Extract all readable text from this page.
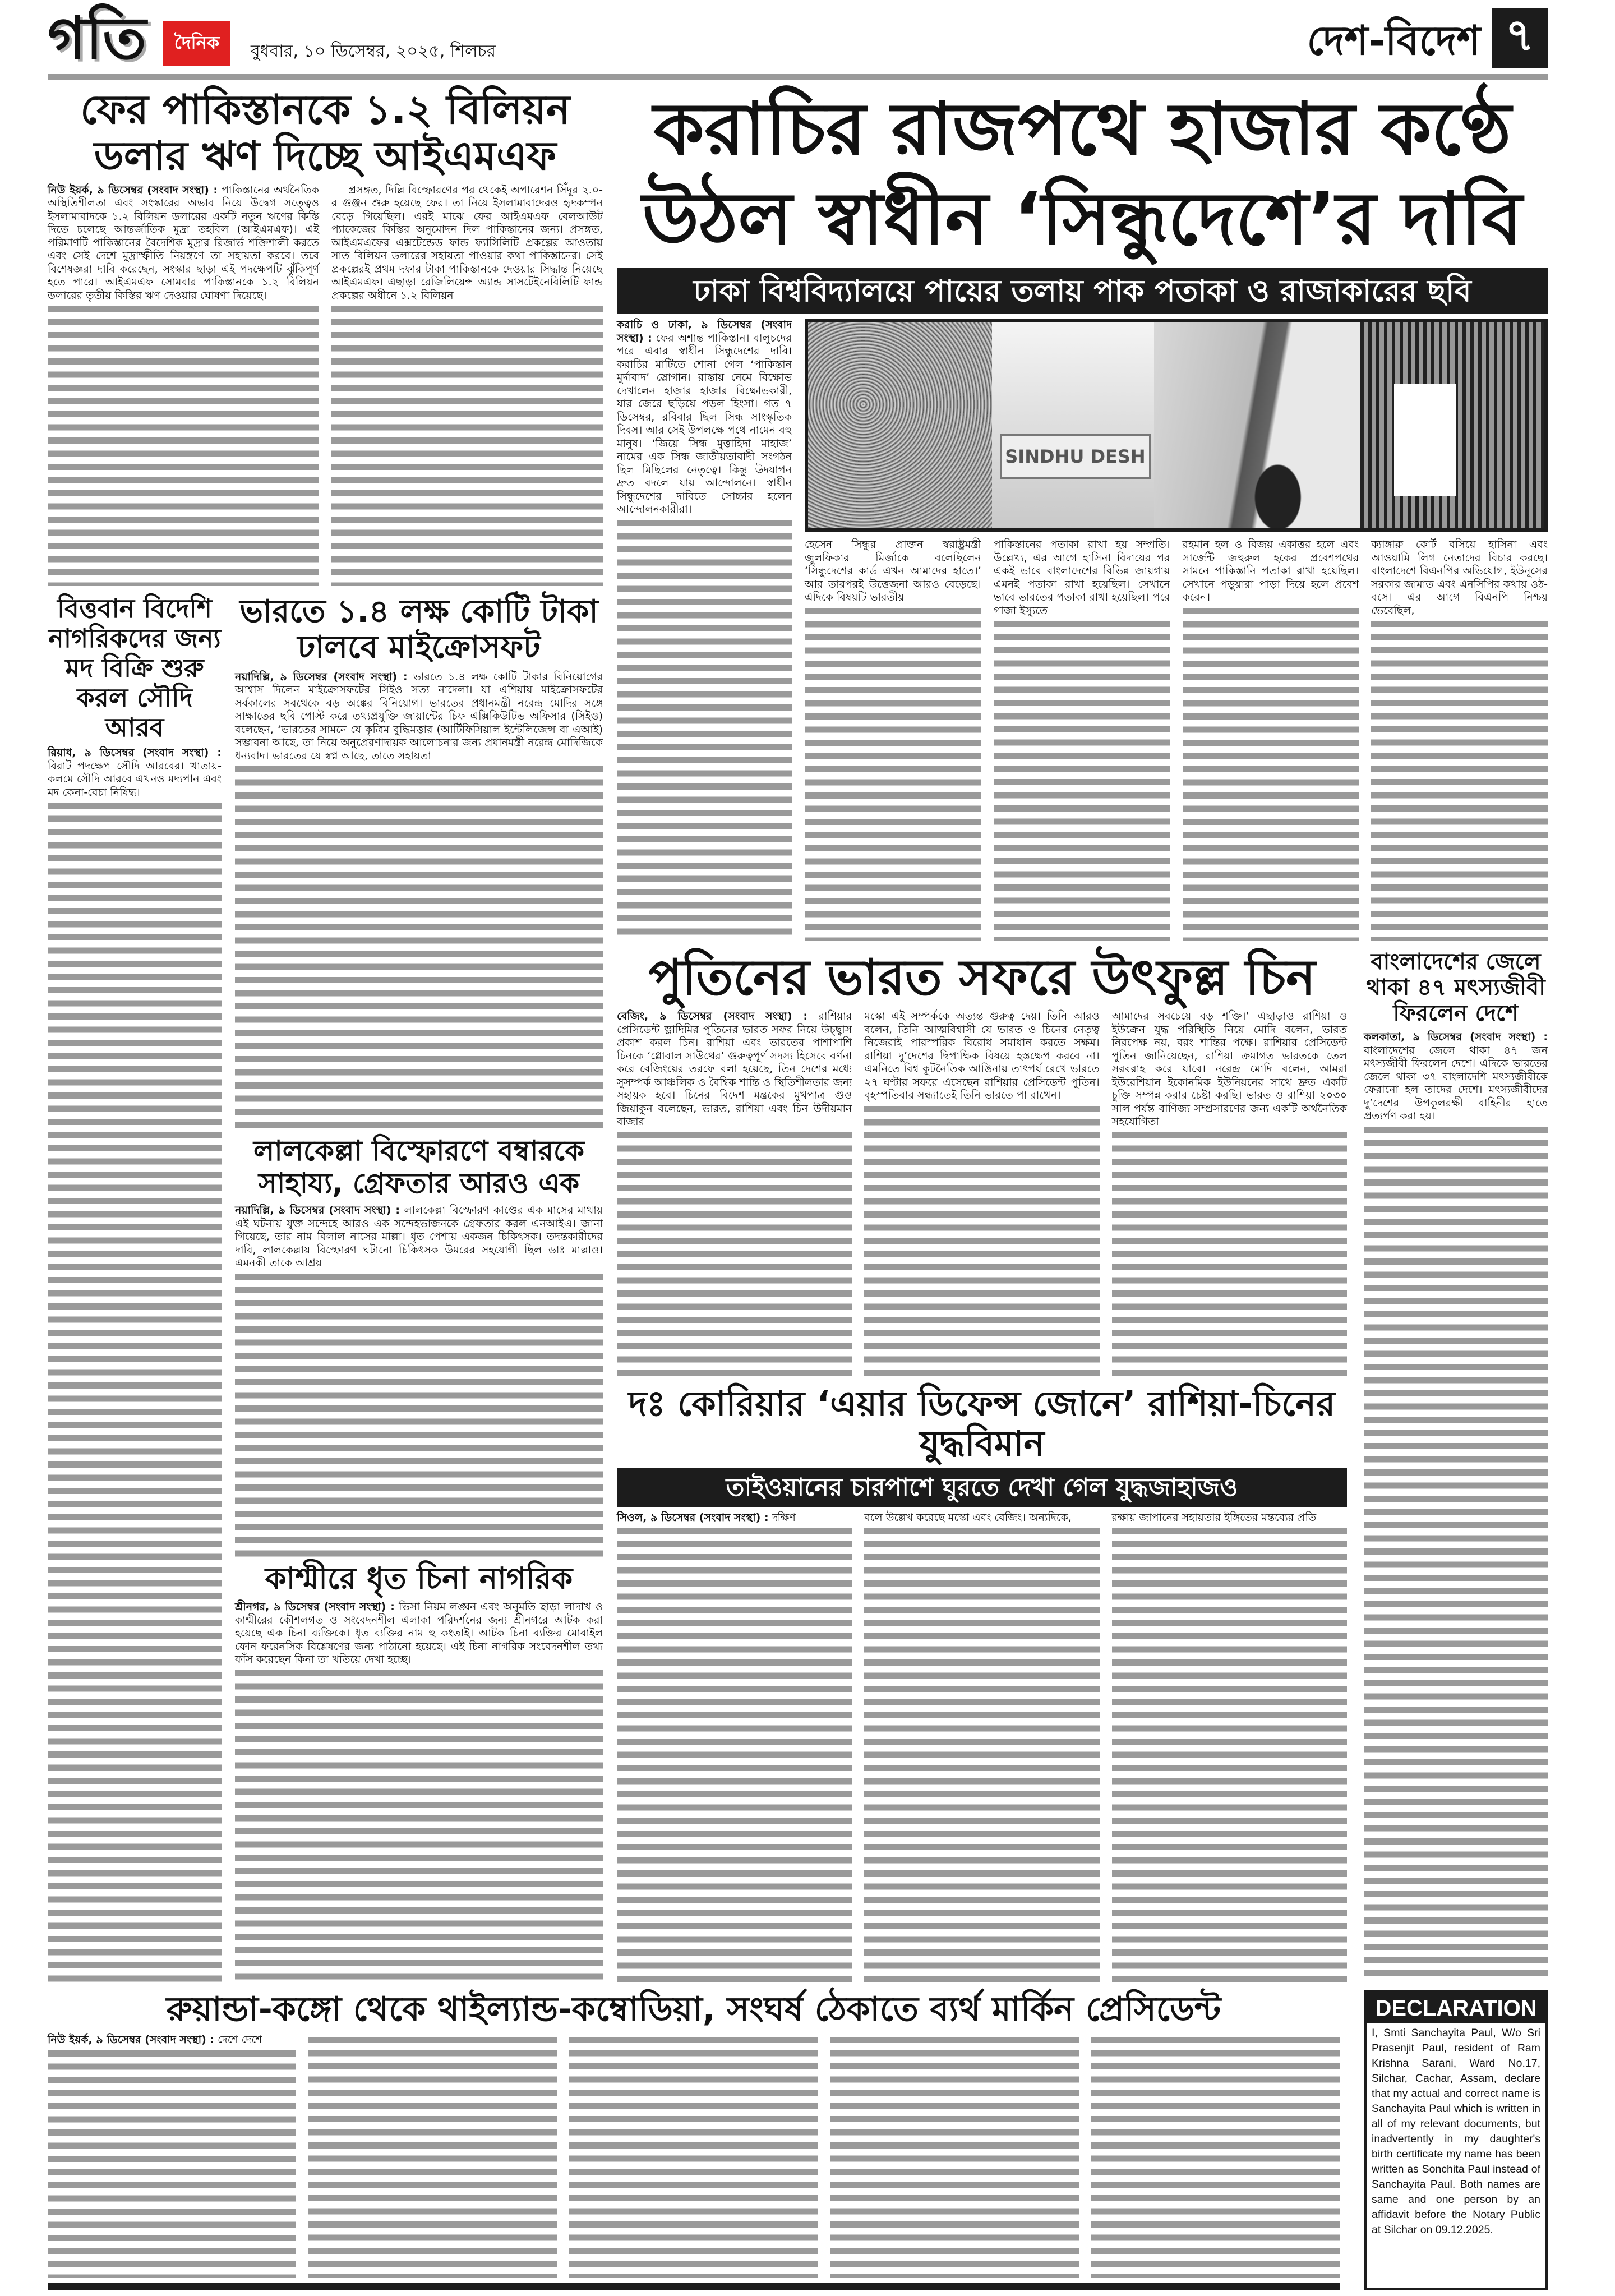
গতি দৈনিক বুধবার, ১০ ডিসেম্বর, ২০২৫, শিলচর	দেশ-বিদেশ ৭
ফের পাকিস্তানকে ১.২ বিলিয়ন ডলার ঋণ দিচ্ছে আইএমএফ

নিউ ইয়র্ক, ৯ ডিসেম্বর (সংবাদ সংস্থা) : পাকিস্তানের অর্থনৈতিক অস্থিতিশীলতা এবং সংস্কারের অভাব নিয়ে উদ্বেগ সত্ত্বেও ইসলামাবাদকে ১.২ বিলিয়ন ডলারের একটি নতুন ঋণের কিস্তি দিতে চলেছে আন্তর্জাতিক মুদ্রা তহবিল (আইএমএফ)। এই পরিমাণটি পাকিস্তানের বৈদেশিক মুদ্রার রিজার্ভ শক্তিশালী করতে এবং সেই দেশে মুদ্রাস্ফীতি নিয়ন্ত্রণে তা সহায়তা করবে। তবে বিশেষজ্ঞরা দাবি করেছেন, সংস্কার ছাড়া এই পদক্ষেপটি ঝুঁকিপূর্ণ হতে পারে। আইএমএফ সোমবার পাকিস্তানকে ১.২ বিলিয়ন ডলারের তৃতীয় কিস্তির ঋণ দেওয়ার ঘোষণা দিয়েছে।

প্রসঙ্গত, দিল্লি বিস্ফোরণের পর থেকেই অপারেশন সিঁদুর ২.০-র গুঞ্জন শুরু হয়েছে ফের। তা নিয়ে ইসলামাবাদেরও হৃদকম্পন বেড়ে গিয়েছিল। এরই মাঝে ফের আইএমএফ বেলআউট প্যাকেজের কিস্তির অনুমোদন দিল পাকিস্তানের জন্য। প্রসঙ্গত, আইএমএফের এক্সটেন্ডেড ফান্ড ফ্যাসিলিটি প্রকল্পের আওতায় সাত বিলিয়ন ডলারের সহায়তা পাওয়ার কথা পাকিস্তানের। সেই প্রকল্পেরই প্রথম দফার টাকা পাকিস্তানকে দেওয়ার সিদ্ধান্ত নিয়েছে আইএমএফ। এছাড়া রেজিলিয়েন্স অ্যান্ড সাসটেইনেবিলিটি ফান্ড প্রকল্পের অধীনে ১.২ বিলিয়ন

বিত্তবান বিদেশি নাগরিকদের জন্য মদ বিক্রি শুরু করল সৌদি আরব

রিয়াধ, ৯ ডিসেম্বর (সংবাদ সংস্থা) : বিরাট পদক্ষেপ সৌদি আরবের। খাতায়-কলমে সৌদি আরবে এখনও মদ্যপান এবং মদ কেনা-বেচা নিষিদ্ধ।

ভারতে ১.৪ লক্ষ কোটি টাকা ঢালবে মাইক্রোসফট

নয়াদিল্লি, ৯ ডিসেম্বর (সংবাদ সংস্থা) : ভারতে ১.৪ লক্ষ কোটি টাকার বিনিয়োগের আশ্বাস দিলেন মাইক্রোসফটের সিইও সত্য নাদেলা। যা এশিয়ায় মাইক্রোসফটের সর্বকালের সবথেকে বড় অঙ্কের বিনিয়োগ। ভারতের প্রধানমন্ত্রী নরেন্দ্র মোদির সঙ্গে সাক্ষাতের ছবি পোস্ট করে তথ্যপ্রযুক্তি জায়ান্টের চিফ এক্সিকিউটিভ অফিসার (সিইও) বলেছেন, ‘ভারতের সামনে যে কৃত্রিম বুদ্ধিমত্তার (আর্টিফিসিয়াল ইন্টেলিজেন্স বা এআই) সম্ভাবনা আছে, তা নিয়ে অনুপ্রেরণাদায়ক আলোচনার জন্য প্রধানমন্ত্রী নরেন্দ্র মোদিজিকে ধন্যবাদ। ভারতের যে স্বপ্ন আছে, তাতে সহায়তা

লালকেল্লা বিস্ফোরণে বম্বারকে সাহায্য, গ্রেফতার আরও এক

নয়াদিল্লি, ৯ ডিসেম্বর (সংবাদ সংস্থা) : লালকেল্লা বিস্ফোরণ কাণ্ডের এক মাসের মাথায় এই ঘটনায় যুক্ত সন্দেহে আরও এক সন্দেহভাজনকে গ্রেফতার করল এনআইএ। জানা গিয়েছে, তার নাম বিলাল নাসের মাল্লা। ধৃত পেশায় একজন চিকিৎসক। তদন্তকারীদের দাবি, লালকেল্লায় বিস্ফোরণ ঘটানো চিকিৎসক উমরের সহযোগী ছিল ডাঃ মাল্লাও। এমনকী তাকে আশ্রয়

কাশ্মীরে ধৃত চিনা নাগরিক

শ্রীনগর, ৯ ডিসেম্বর (সংবাদ সংস্থা) : ভিসা নিয়ম লঙ্ঘন এবং অনুমতি ছাড়া লাদাখ ও কাশ্মীরের কৌশলগত ও সংবেদনশীল এলাকা পরিদর্শনের জন্য শ্রীনগরে আটক করা হয়েছে এক চিনা ব্যক্তিকে। ধৃত ব্যক্তির নাম হু কংতাই। আটক চিনা ব্যক্তির মোবাইল ফোন ফরেনসিক বিশ্লেষণের জন্য পাঠানো হয়েছে। এই চিনা নাগরিক সংবেদনশীল তথ্য ফাঁস করেছেন কিনা তা খতিয়ে দেখা হচ্ছে।

করাচির রাজপথে হাজার কণ্ঠে উঠল স্বাধীন ‘সিন্ধুদেশে’র দাবি
ঢাকা বিশ্ববিদ্যালয়ে পায়ের তলায় পাক পতাকা ও রাজাকারের ছবি

করাচি ও ঢাকা, ৯ ডিসেম্বর (সংবাদ সংস্থা) : ফের অশান্ত পাকিস্তান। বালুচদের পরে এবার স্বাধীন সিন্ধুদেশের দাবি। করাচির মাটিতে শোনা গেল ‘পাকিস্তান মুর্দাবাদ’ স্লোগান। রাস্তায় নেমে বিক্ষোভ দেখালেন হাজার হাজার বিক্ষোভকারী, যার জেরে ছড়িয়ে পড়ল হিংসা। গত ৭ ডিসেম্বর, রবিবার ছিল সিন্ধ সাংস্কৃতিক দিবস। আর সেই উপলক্ষে পথে নামেন বহু মানুষ। ‘জিয়ে সিন্ধ মুত্তাহিদা মাহাজ’ নামের এক সিন্ধ জাতীয়তাবাদী সংগঠন ছিল মিছিলের নেতৃত্বে। কিন্তু উদযাপন দ্রুত বদলে যায় আন্দোলনে। স্বাধীন সিন্ধুদেশের দাবিতে সোচ্চার হলেন আন্দোলনকারীরা।

SINDHU DESH

হেসেন সিন্ধুর প্রাক্তন স্বরাষ্ট্রমন্ত্রী জুলফিকার মির্জাকে বলেছিলেন ‘সিন্ধুদেশের কার্ড এখন আমাদের হাতে।’ আর তারপরই উত্তেজনা আরও বেড়েছে। এদিকে বিষয়টি ভারতীয়

পাকিস্তানের পতাকা রাখা হয় সম্প্রতি। উল্লেখ্য, এর আগে হাসিনা বিদায়ের পর একই ভাবে বাংলাদেশের বিভিন্ন জায়গায় এমনই পতাকা রাখা হয়েছিল। সেখানে ভাবে ভারতের পতাকা রাখা হয়েছিল। পরে গাজা ইস্যুতে

রহমান হল ও বিজয় একাত্তর হলে এবং সার্জেন্ট জহুরুল হকের প্রবেশপথের সামনে পাকিস্তানি পতাকা রাখা হয়েছিল। সেখানে পড়ুয়ারা পাড়া দিয়ে হলে প্রবেশ করেন।

ক্যাঙ্গারু কোর্ট বসিয়ে হাসিনা এবং আওয়ামি লিগ নেতাদের বিচার করছে। বাংলাদেশে বিএনপির অভিযোগ, ইউনূসের সরকার জামাত এবং এনসিপির কথায় ওঠ-বসে। এর আগে বিএনপি নিশ্চয় ভেবেছিল,

পুতিনের ভারত সফরে উৎফুল্ল চিন

বেজিং, ৯ ডিসেম্বর (সংবাদ সংস্থা) : রাশিয়ার প্রেসিডেন্ট ভ্লাদিমির পুতিনের ভারত সফর নিয়ে উচ্ছ্বাস প্রকাশ করল চিন। রাশিয়া এবং ভারতের পাশাপাশি চিনকে ‘গ্লোবাল সাউথের’ গুরুত্বপূর্ণ সদস্য হিসেবে বর্ণনা করে বেজিংয়ের তরফে বলা হয়েছে, তিন দেশের মধ্যে সুসম্পর্ক আঞ্চলিক ও বৈশ্বিক শান্তি ও স্থিতিশীলতার জন্য সহায়ক হবে। চিনের বিদেশ মন্ত্রকের মুখপাত্র গুও জিয়াকুন বলেছেন, ভারত, রাশিয়া এবং চিন উদীয়মান বাজার

মস্কো এই সম্পর্ককে অত্যন্ত গুরুত্ব দেয়। তিনি আরও বলেন, তিনি আত্মবিশ্বাসী যে ভারত ও চিনের নেতৃত্ব নিজেরাই পারস্পরিক বিরোধ সমাধান করতে সক্ষম। রাশিয়া দু’দেশের দ্বিপাক্ষিক বিষয়ে হস্তক্ষেপ করবে না। এমনিতে বিশ্ব কূটনৈতিক আঙিনায় তাৎপর্য রেখে ভারতে ২৭ ঘণ্টার সফরে এসেছেন রাশিয়ার প্রেসিডেন্ট পুতিন। বৃহস্পতিবার সন্ধ্যাতেই তিনি ভারতে পা রাখেন।

আমাদের সবচেয়ে বড় শক্তি।’ এছাড়াও রাশিয়া ও ইউক্রেন যুদ্ধ পরিস্থিতি নিয়ে মোদি বলেন, ভারত নিরপেক্ষ নয়, বরং শান্তির পক্ষে। রাশিয়ার প্রেসিডেন্ট পুতিন জানিয়েছেন, রাশিয়া ক্রমাগত ভারতকে তেল সরবরাহ করে যাবে। নরেন্দ্র মোদি বলেন, আমরা ইউরেশিয়ান ইকোনমিক ইউনিয়নের সাথে দ্রুত একটি চুক্তি সম্পন্ন করার চেষ্টা করছি। ভারত ও রাশিয়া ২০৩০ সাল পর্যন্ত বাণিজ্য সম্প্রসারণের জন্য একটি অর্থনৈতিক সহযোগিতা

দঃ কোরিয়ার ‘এয়ার ডিফেন্স জোনে’ রাশিয়া-চিনের যুদ্ধবিমান
তাইওয়ানের চারপাশে ঘুরতে দেখা গেল যুদ্ধজাহাজও

সিওল, ৯ ডিসেম্বর (সংবাদ সংস্থা) : দক্ষিণ	বলে উল্লেখ করেছে মস্কো এবং বেজিং। অন্যদিকে,	রক্ষায় জাপানের সহায়তার ইঙ্গিতের মন্তব্যের প্রতি

বাংলাদেশের জেলে থাকা ৪৭ মৎস্যজীবী ফিরলেন দেশে

কলকাতা, ৯ ডিসেম্বর (সংবাদ সংস্থা) : বাংলাদেশের জেলে থাকা ৪৭ জন মৎস্যজীবী ফিরলেন দেশে। এদিকে ভারতের জেলে থাকা ৩৭ বাংলাদেশি মৎস্যজীবীকে ফেরানো হল তাদের দেশে। মৎস্যজীবীদের দু’দেশের উপকূলরক্ষী বাহিনীর হাতে প্রত্যর্পণ করা হয়।

রুয়ান্ডা-কঙ্গো থেকে থাইল্যান্ড-কম্বোডিয়া, সংঘর্ষ ঠেকাতে ব্যর্থ মার্কিন প্রেসিডেন্ট

নিউ ইয়র্ক, ৯ ডিসেম্বর (সংবাদ সংস্থা) : দেশে দেশে

DECLARATION
I, Smti Sanchayita Paul, W/o Sri Prasenjit Paul, resident of Ram Krishna Sarani, Ward No.17, Silchar, Cachar, Assam, declare that my actual and correct name is Sanchayita Paul which is written in all of my relevant documents, but inadvertently in my daughter's birth certificate my name has been written as Sonchita Paul instead of Sanchayita Paul. Both names are same and one person by an affidavit before the Notary Public at Silchar on 09.12.2025.
